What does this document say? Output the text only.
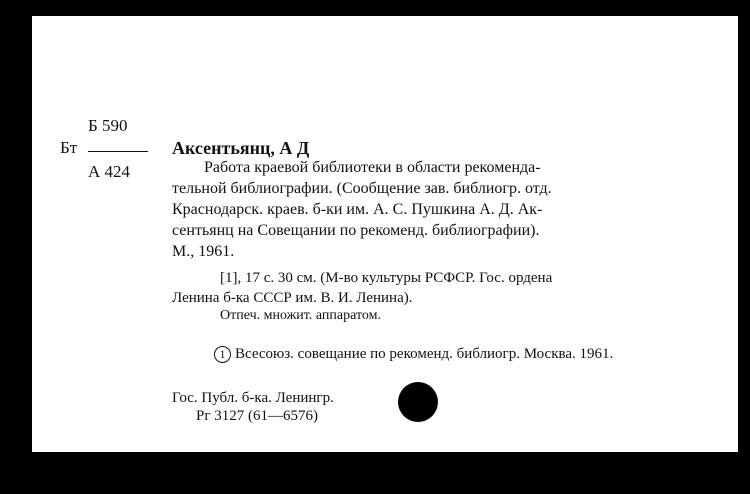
Б 590
Бт
А 424
Аксентьянц, А Д
Работа краевой библиотеки в области рекоменда-
тельной библиографии. (Сообщение зав. библиогр. отд.
Краснодарск. краев. б-ки им. А. С. Пушкина А. Д. Ак-
сентьянц на Совещании по рекоменд. библиографии).
М., 1961.
[1], 17 с. 30 см. (М-во культуры РСФСР. Гос. ордена
Ленина б-ка СССР им. В. И. Ленина).
Отпеч. множит. аппаратом.
1 Всесоюз. совещание по рекоменд. библиогр. Москва. 1961.
Гос. Публ. б-ка. Ленингр.
Рг 3127 (61—6576)
28.IV.61. ГС ГАЛ
